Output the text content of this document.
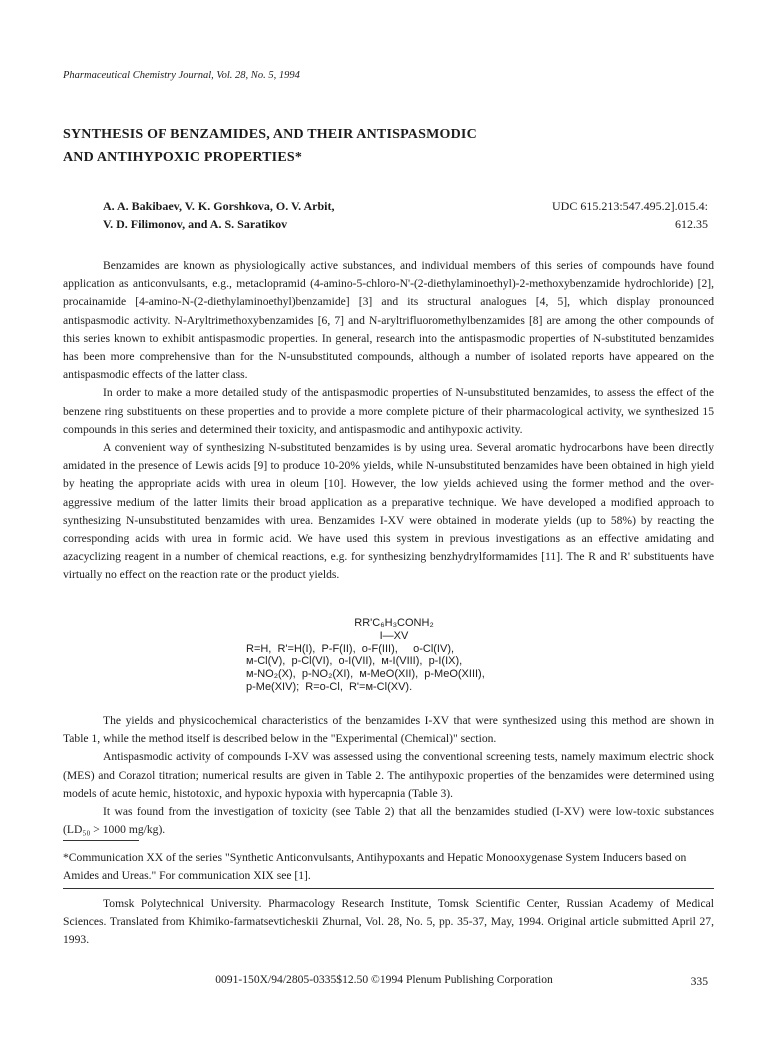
Pharmaceutical Chemistry Journal, Vol. 28, No. 5, 1994
SYNTHESIS OF BENZAMIDES, AND THEIR ANTISPASMODIC
AND ANTIHYPOXIC PROPERTIES*
A. A. Bakibaev, V. K. Gorshkova, O. V. Arbit,
V. D. Filimonov, and A. S. Saratikov
UDC 615.213:547.495.2].015.4:
612.35

Benzamides are known as physiologically active substances, and individual members of this series of compounds have found application as anticonvulsants, e.g., metaclopramid (4-amino-5-chloro-N'-(2-diethylaminoethyl)-2-methoxybenzamide hydrochloride) [2], procainamide [4-amino-N-(2-diethylaminoethyl)benzamide] [3] and its structural analogues [4, 5], which display pronounced antispasmodic activity. N-Aryltrimethoxybenzamides [6, 7] and N-aryltrifluoromethylbenzamides [8] are among the other compounds of this series known to exhibit antispasmodic properties. In general, research into the antispasmodic properties of N-substituted benzamides has been more comprehensive than for the N-unsubstituted compounds, although a number of isolated reports have appeared on the antispasmodic effects of the latter class.

In order to make a more detailed study of the antispasmodic properties of N-unsubstituted benzamides, to assess the effect of the benzene ring substituents on these properties and to provide a more complete picture of their pharmacological activity, we synthesized 15 compounds in this series and determined their toxicity, and antispasmodic and antihypoxic activity.

A convenient way of synthesizing N-substituted benzamides is by using urea. Several aromatic hydrocarbons have been directly amidated in the presence of Lewis acids [9] to produce 10-20% yields, while N-unsubstituted benzamides have been obtained in high yield by heating the appropriate acids with urea in oleum [10]. However, the low yields achieved using the former method and the over-aggressive medium of the latter limits their broad application as a preparative technique. We have developed a modified approach to synthesizing N-unsubstituted benzamides with urea. Benzamides I-XV were obtained in moderate yields (up to 58%) by reacting the corresponding acids with urea in formic acid. We have used this system in previous investigations as an effective amidating and azacyclizing reagent in a number of chemical reactions, e.g. for synthesizing benzhydrylformamides [11]. The R and R' substituents have virtually no effect on the reaction rate or the product yields.

RR'C₆H₃CONH₂
I—XV
R=H,  R'=H(I),  P-F(II),  o-F(III),     o-Cl(IV),
м-Cl(V),  p-Cl(VI),  o-I(VII),  м-I(VIII),  p-I(IX),
м-NO₂(X),  p-NO₂(XI),  м-MeO(XII),  p-MeO(XIII),
p-Me(XIV);  R=o-Cl,  R'=м-Cl(XV).

The yields and physicochemical characteristics of the benzamides I-XV that were synthesized using this method are shown in Table 1, while the method itself is described below in the "Experimental (Chemical)" section.

Antispasmodic activity of compounds I-XV was assessed using the conventional screening tests, namely maximum electric shock (MES) and Corazol titration; numerical results are given in Table 2. The antihypoxic properties of the benzamides were determined using models of acute hemic, histotoxic, and hypoxic hypoxia with hypercapnia (Table 3).

It was found from the investigation of toxicity (see Table 2) that all the benzamides studied (I-XV) were low-toxic substances (LD₅₀ > 1000 mg/kg).

*Communication XX of the series "Synthetic Anticonvulsants, Antihypoxants and Hepatic Monooxygenase System Inducers based on Amides and Ureas." For communication XIX see [1].
Tomsk Polytechnical University. Pharmacology Research Institute, Tomsk Scientific Center, Russian Academy of Medical Sciences. Translated from Khimiko-farmatsevticheskii Zhurnal, Vol. 28, No. 5, pp. 35-37, May, 1994. Original article submitted April 27, 1993.
0091-150X/94/2805-0335$12.50 ©1994 Plenum Publishing Corporation	335
